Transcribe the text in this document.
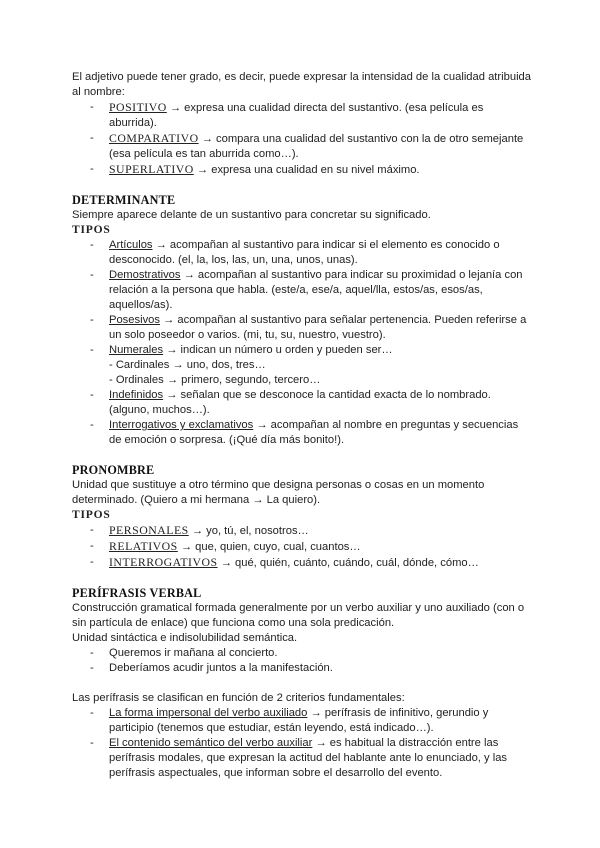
El adjetivo puede tener grado, es decir, puede expresar la intensidad de la cualidad atribuida al nombre:

- POSITIVO → expresa una cualidad directa del sustantivo. (esa película es aburrida).
- COMPARATIVO → compara una cualidad del sustantivo con la de otro semejante (esa película es tan aburrida como…).
- SUPERLATIVO → expresa una cualidad en su nivel máximo.

DETERMINANTE

Siempre aparece delante de un sustantivo para concretar su significado.

TIPOS

- Artículos → acompañan al sustantivo para indicar si el elemento es conocido o desconocido. (el, la, los, las, un, una, unos, unas).
- Demostrativos → acompañan al sustantivo para indicar su proximidad o lejanía con relación a la persona que habla. (este/a, ese/a, aquel/lla, estos/as, esos/as, aquellos/as).
- Posesivos → acompañan al sustantivo para señalar pertenencia. Pueden referirse a un solo poseedor o varios. (mi, tu, su, nuestro, vuestro).
- Numerales → indican un número u orden y pueden ser…
- Cardinales → uno, dos, tres…
- Ordinales → primero, segundo, tercero…
- Indefinidos → señalan que se desconoce la cantidad exacta de lo nombrado. (alguno, muchos…).
- Interrogativos y exclamativos → acompañan al nombre en preguntas y secuencias de emoción o sorpresa. (¡Qué día más bonito!).

PRONOMBRE

Unidad que sustituye a otro término que designa personas o cosas en un momento determinado. (Quiero a mi hermana → La quiero).

TIPOS

- PERSONALES → yo, tú, el, nosotros…
- RELATIVOS → que, quien, cuyo, cual, cuantos…
- INTERROGATIVOS → qué, quién, cuánto, cuándo, cuál, dónde, cómo…

PERÍFRASIS VERBAL

Construcción gramatical formada generalmente por un verbo auxiliar y uno auxiliado (con o sin partícula de enlace) que funciona como una sola predicación.

Unidad sintáctica e indisolubilidad semántica.

- Queremos ir mañana al concierto.
- Deberíamos acudir juntos a la manifestación.

Las perífrasis se clasifican en función de 2 criterios fundamentales:

- La forma impersonal del verbo auxiliado → perífrasis de infinitivo, gerundio y participio (tenemos que estudiar, están leyendo, está indicado…).
- El contenido semántico del verbo auxiliar → es habitual la distracción entre las perífrasis modales, que expresan la actitud del hablante ante lo enunciado, y las perífrasis aspectuales, que informan sobre el desarrollo del evento.
